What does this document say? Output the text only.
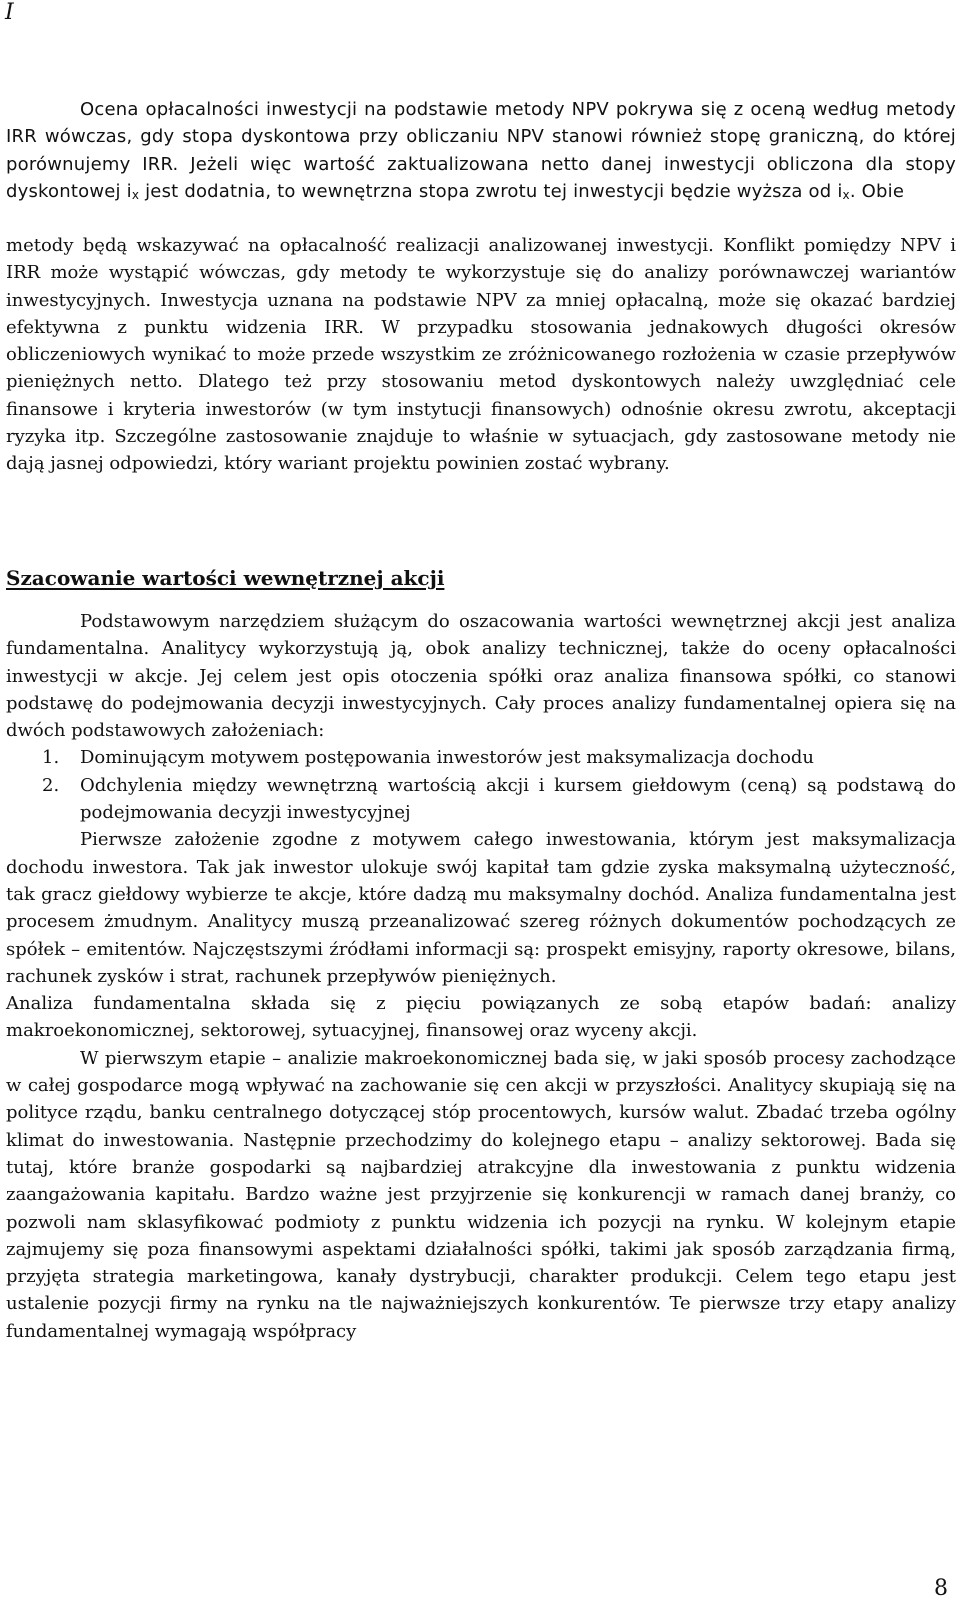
I
Ocena opłacalności inwestycji na podstawie metody NPV pokrywa się z oceną według metody IRR wówczas, gdy stopa dyskontowa przy obliczaniu NPV stanowi również stopę graniczną, do której porównujemy IRR. Jeżeli więc wartość zaktualizowana netto danej inwestycji obliczona dla stopy dyskontowej $i_x$ jest dodatnia, to wewnętrzna stopa zwrotu tej inwestycji będzie wyższa od $i_x$. Obie

metody będą wskazywać na opłacalność realizacji analizowanej inwestycji. Konflikt pomiędzy NPV i IRR może wystąpić wówczas, gdy metody te wykorzystuje się do analizy porównawczej wariantów inwestycyjnych. Inwestycja uznana na podstawie NPV za mniej opłacalną, może się okazać bardziej efektywna z punktu widzenia IRR. W przypadku stosowania jednakowych długości okresów obliczeniowych wynikać to może przede wszystkim ze zróżnicowanego rozłożenia w czasie przepływów pieniężnych netto. Dlatego też przy stosowaniu metod dyskontowych należy uwzględniać cele finansowe i kryteria inwestorów (w tym instytucji finansowych) odnośnie okresu zwrotu, akceptacji ryzyka itp. Szczególne zastosowanie znajduje to właśnie w sytuacjach, gdy zastosowane metody nie dają jasnej odpowiedzi, który wariant projektu powinien zostać wybrany.

Szacowanie wartości wewnętrznej akcji

Podstawowym narzędziem służącym do oszacowania wartości wewnętrznej akcji jest analiza fundamentalna. Analitycy wykorzystują ją, obok analizy technicznej, także do oceny opłacalności inwestycji w akcje. Jej celem jest opis otoczenia spółki oraz analiza finansowa spółki, co stanowi podstawę do podejmowania decyzji inwestycyjnych. Cały proces analizy fundamentalnej opiera się na dwóch podstawowych założeniach:

1. Dominującym motywem postępowania inwestorów jest maksymalizacja dochodu
2. Odchylenia między wewnętrzną wartością akcji i kursem giełdowym (ceną) są podstawą do podejmowania decyzji inwestycyjnej

Pierwsze założenie zgodne z motywem całego inwestowania, którym jest maksymalizacja dochodu inwestora. Tak jak inwestor ulokuje swój kapitał tam gdzie zyska maksymalną użyteczność, tak gracz giełdowy wybierze te akcje, które dadzą mu maksymalny dochód. Analiza fundamentalna jest procesem żmudnym. Analitycy muszą przeanalizować szereg różnych dokumentów pochodzących ze spółek – emitentów. Najczęstszymi źródłami informacji są: prospekt emisyjny, raporty okresowe, bilans, rachunek zysków i strat, rachunek przepływów pieniężnych.

Analiza fundamentalna składa się z pięciu powiązanych ze sobą etapów badań: analizy makroekonomicznej, sektorowej, sytuacyjnej, finansowej oraz wyceny akcji.

W pierwszym etapie – analizie makroekonomicznej bada się, w jaki sposób procesy zachodzące w całej gospodarce mogą wpływać na zachowanie się cen akcji w przyszłości. Analitycy skupiają się na polityce rządu, banku centralnego dotyczącej stóp procentowych, kursów walut. Zbadać trzeba ogólny klimat do inwestowania. Następnie przechodzimy do kolejnego etapu – analizy sektorowej. Bada się tutaj, które branże gospodarki są najbardziej atrakcyjne dla inwestowania z punktu widzenia zaangażowania kapitału. Bardzo ważne jest przyjrzenie się konkurencji w ramach danej branży, co pozwoli nam sklasyfikować podmioty z punktu widzenia ich pozycji na rynku. W kolejnym etapie zajmujemy się poza finansowymi aspektami działalności spółki, takimi jak sposób zarządzania firmą, przyjęta strategia marketingowa, kanały dystrybucji, charakter produkcji. Celem tego etapu jest ustalenie pozycji firmy na rynku na tle najważniejszych konkurentów. Te pierwsze trzy etapy analizy fundamentalnej wymagają współpracy

8
